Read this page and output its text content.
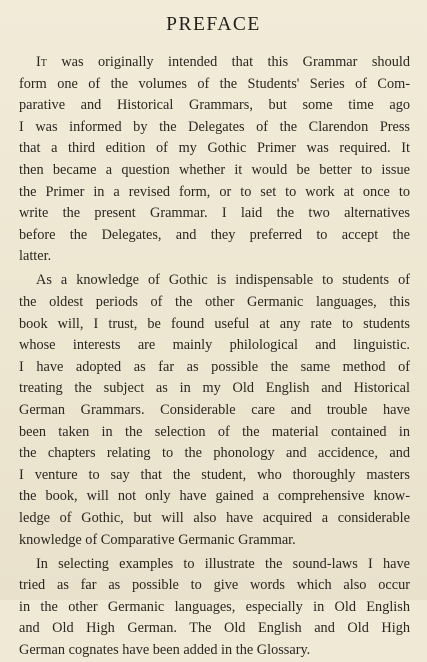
PREFACE
It was originally intended that this Grammar should
form one of the volumes of the Students' Series of Com-
parative and Historical Grammars, but some time ago
I was informed by the Delegates of the Clarendon Press
that a third edition of my Gothic Primer was required. It
then became a question whether it would be better to issue
the Primer in a revised form, or to set to work at once to
write the present Grammar. I laid the two alternatives
before the Delegates, and they preferred to accept the
latter.
As a knowledge of Gothic is indispensable to students of
the oldest periods of the other Germanic languages, this
book will, I trust, be found useful at any rate to students
whose interests are mainly philological and linguistic.
I have adopted as far as possible the same method of
treating the subject as in my Old English and Historical
German Grammars. Considerable care and trouble have
been taken in the selection of the material contained in
the chapters relating to the phonology and accidence, and
I venture to say that the student, who thoroughly masters
the book, will not only have gained a comprehensive know-
ledge of Gothic, but will also have acquired a considerable
knowledge of Comparative Germanic Grammar.
In selecting examples to illustrate the sound-laws I have
tried as far as possible to give words which also occur
in the other Germanic languages, especially in Old English
and Old High German. The Old English and Old High
German cognates have been added in the Glossary.
